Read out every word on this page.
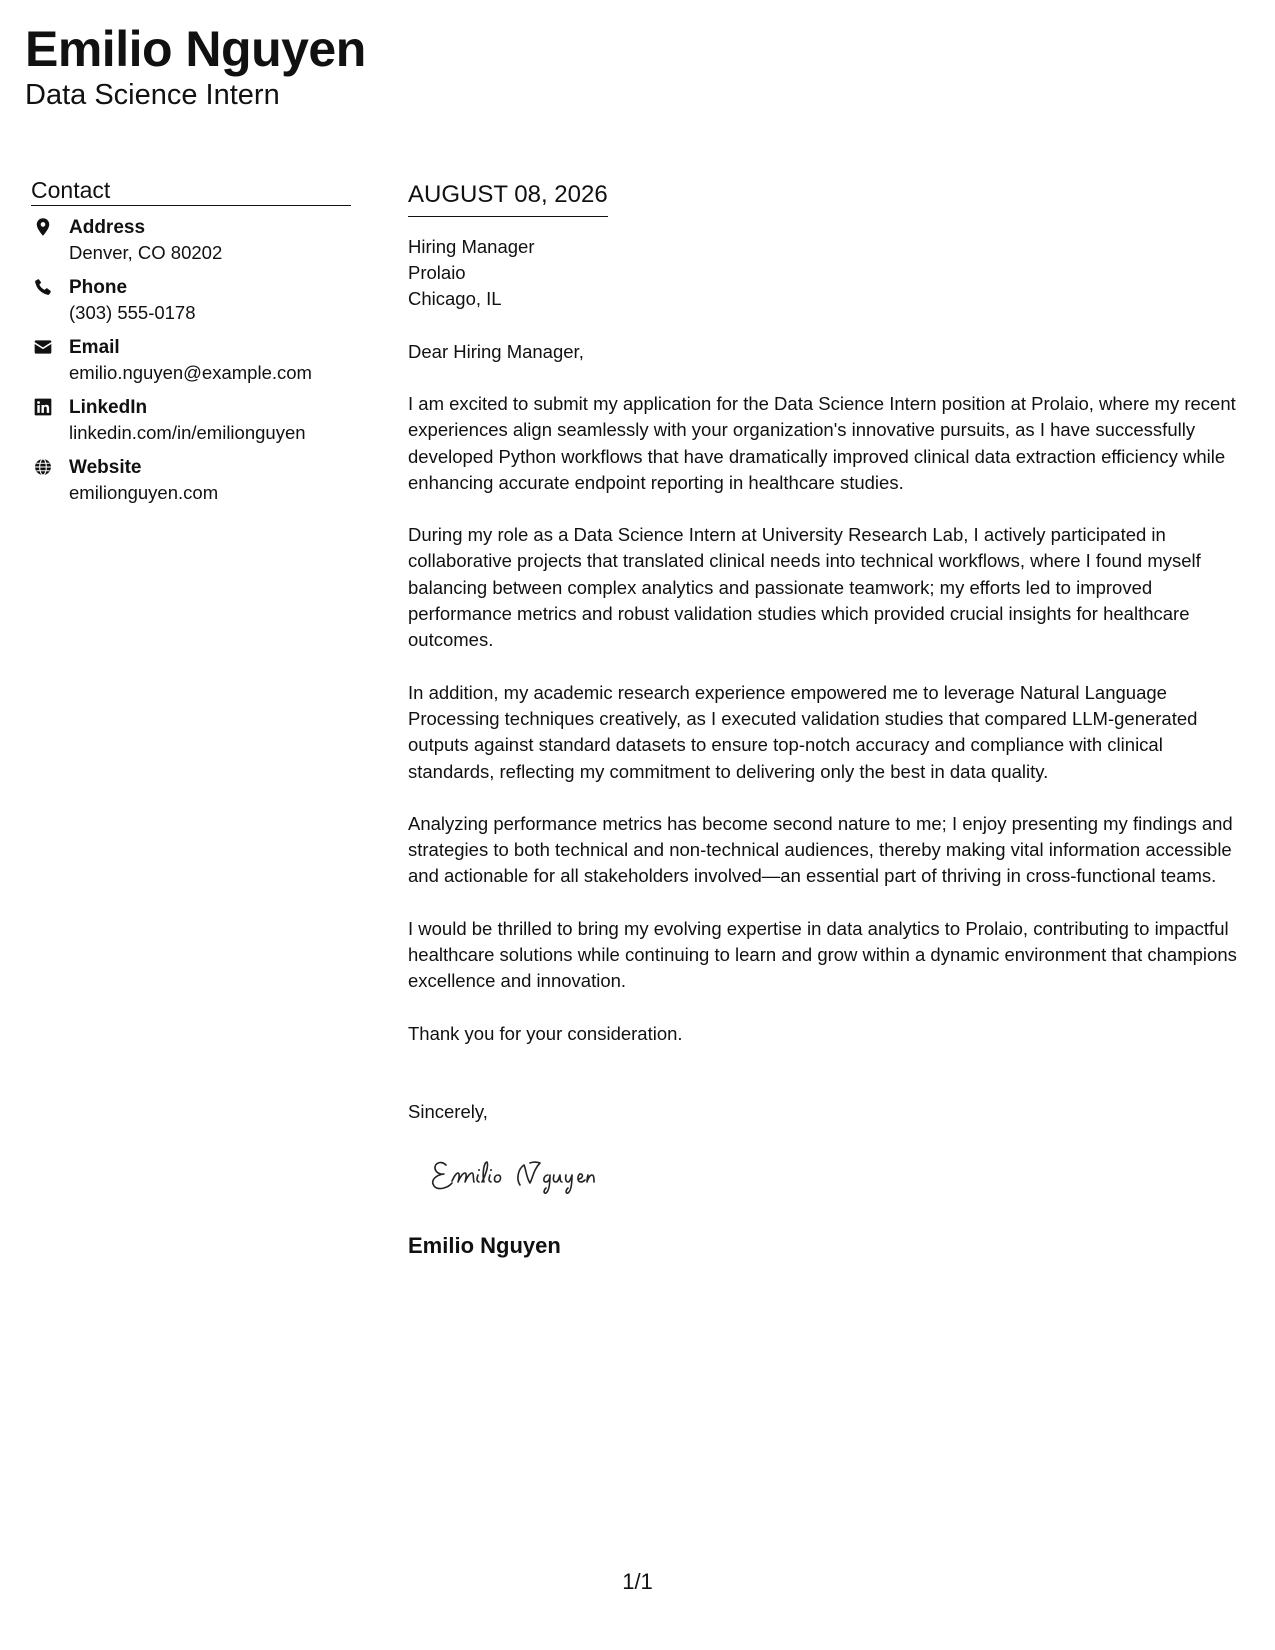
Emilio Nguyen
Data Science Intern
Contact
Address
Denver, CO 80202
Phone
(303) 555-0178
Email
emilio.nguyen@example.com
LinkedIn
linkedin.com/in/emilionguyen
Website
emilionguyen.com
AUGUST 08, 2026
Hiring Manager
Prolaio
Chicago, IL
Dear Hiring Manager,
I am excited to submit my application for the Data Science Intern position at Prolaio, where my recent experiences align seamlessly with your organization's innovative pursuits, as I have successfully developed Python workflows that have dramatically improved clinical data extraction efficiency while enhancing accurate endpoint reporting in healthcare studies.
During my role as a Data Science Intern at University Research Lab, I actively participated in collaborative projects that translated clinical needs into technical workflows, where I found myself balancing between complex analytics and passionate teamwork; my efforts led to improved performance metrics and robust validation studies which provided crucial insights for healthcare outcomes.
In addition, my academic research experience empowered me to leverage Natural Language Processing techniques creatively, as I executed validation studies that compared LLM-generated outputs against standard datasets to ensure top-notch accuracy and compliance with clinical standards, reflecting my commitment to delivering only the best in data quality.
Analyzing performance metrics has become second nature to me; I enjoy presenting my findings and strategies to both technical and non-technical audiences, thereby making vital information accessible and actionable for all stakeholders involved—an essential part of thriving in cross-functional teams.
I would be thrilled to bring my evolving expertise in data analytics to Prolaio, contributing to impactful healthcare solutions while continuing to learn and grow within a dynamic environment that champions excellence and innovation.
Thank you for your consideration.
Sincerely,
Emilio Nguyen
1/1
